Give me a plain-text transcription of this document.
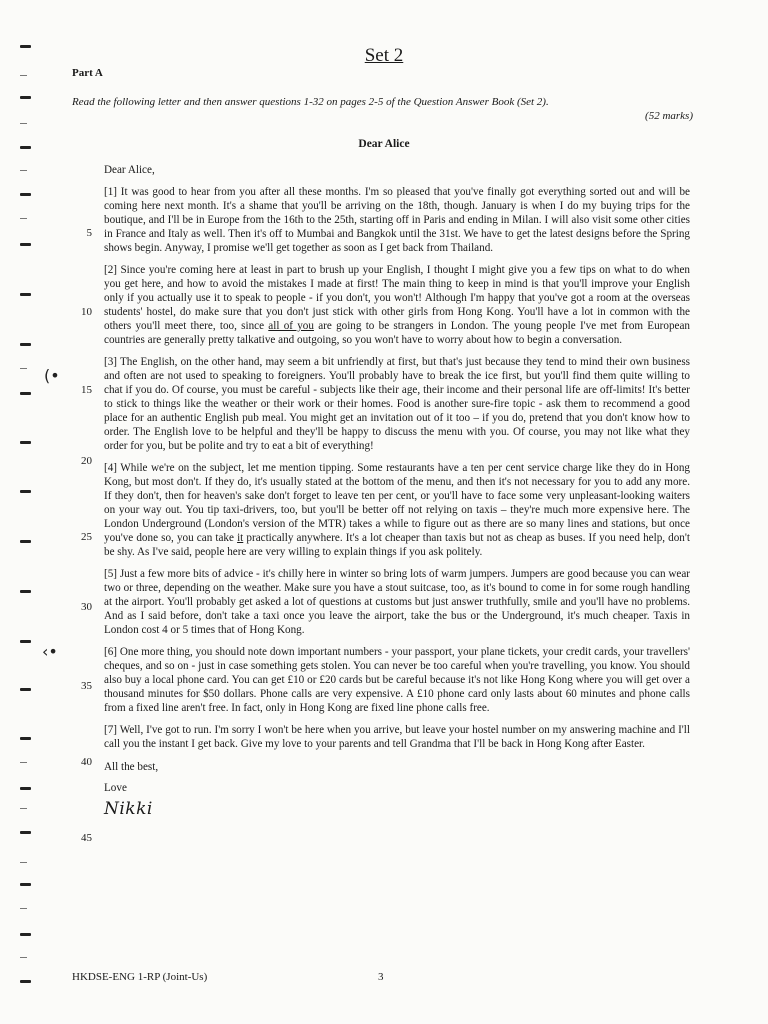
(•
‹•
Set 2
Part A
Read the following letter and then answer questions 1-32 on pages 2-5 of the Question Answer Book (Set 2).
(52 marks)
Dear Alice
5
10
15
20
25
30
35
40
45

Dear Alice,

[1] It was good to hear from you after all these months. I'm so pleased that you've finally got everything sorted out and will be coming here next month. It's a shame that you'll be arriving on the 18th, though. January is when I do my buying trips for the boutique, and I'll be in Europe from the 16th to the 25th, starting off in Paris and ending in Milan. I will also visit some other cities in France and Italy as well. Then it's off to Mumbai and Bangkok until the 31st. We have to get the latest designs before the Spring shows begin. Anyway, I promise we'll get together as soon as I get back from Thailand.

[2] Since you're coming here at least in part to brush up your English, I thought I might give you a few tips on what to do when you get here, and how to avoid the mistakes I made at first! The main thing to keep in mind is that you'll improve your English only if you actually use it to speak to people - if you don't, you won't! Although I'm happy that you've got a room at the overseas students' hostel, do make sure that you don't just stick with other girls from Hong Kong. You'll have a lot in common with the others you'll meet there, too, since all of you are going to be strangers in London. The young people I've met from European countries are generally pretty talkative and outgoing, so you won't have to worry about how to begin a conversation.

[3] The English, on the other hand, may seem a bit unfriendly at first, but that's just because they tend to mind their own business and often are not used to speaking to foreigners. You'll probably have to break the ice first, but you'll find them quite willing to chat if you do. Of course, you must be careful - subjects like their age, their income and their personal life are off-limits! It's better to stick to things like the weather or their work or their homes. Food is another sure-fire topic - ask them to recommend a good place for an authentic English pub meal. You might get an invitation out of it too – if you do, pretend that you don't know how to order. The English love to be helpful and they'll be happy to discuss the menu with you. Of course, you may not like what they order for you, but be polite and try to eat a bit of everything!

[4] While we're on the subject, let me mention tipping. Some restaurants have a ten per cent service charge like they do in Hong Kong, but most don't. If they do, it's usually stated at the bottom of the menu, and then it's not necessary for you to add any more. If they don't, then for heaven's sake don't forget to leave ten per cent, or you'll have to face some very unpleasant-looking waiters on your way out. You tip taxi-drivers, too, but you'll be better off not relying on taxis – they're much more expensive here. The London Underground (London's version of the MTR) takes a while to figure out as there are so many lines and stations, but once you've done so, you can take it practically anywhere. It's a lot cheaper than taxis but not as cheap as buses. If you need help, don't be shy. As I've said, people here are very willing to explain things if you ask politely.

[5] Just a few more bits of advice - it's chilly here in winter so bring lots of warm jumpers. Jumpers are good because you can wear two or three, depending on the weather. Make sure you have a stout suitcase, too, as it's bound to come in for some rough handling at the airport. You'll probably get asked a lot of questions at customs but just answer truthfully, smile and you'll have no problems. And as I said before, don't take a taxi once you leave the airport, take the bus or the Underground, it's much cheaper. Taxis in London cost 4 or 5 times that of Hong Kong.

[6] One more thing, you should note down important numbers - your passport, your plane tickets, your credit cards, your travellers' cheques, and so on - just in case something gets stolen. You can never be too careful when you're travelling, you know. You should also buy a local phone card. You can get £10 or £20 cards but be careful because it's not like Hong Kong where you will get over a thousand minutes for $50 dollars. Phone calls are very expensive. A £10 phone card only lasts about 60 minutes and phone calls from a fixed line aren't free. In fact, only in Hong Kong are fixed line phone calls free.

[7] Well, I've got to run. I'm sorry I won't be here when you arrive, but leave your hostel number on my answering machine and I'll call you the instant I get back. Give my love to your parents and tell Grandma that I'll be back in Hong Kong after Easter.

All the best,
Love
Nikki
HKDSE-ENG 1-RP (Joint-Us)	3
